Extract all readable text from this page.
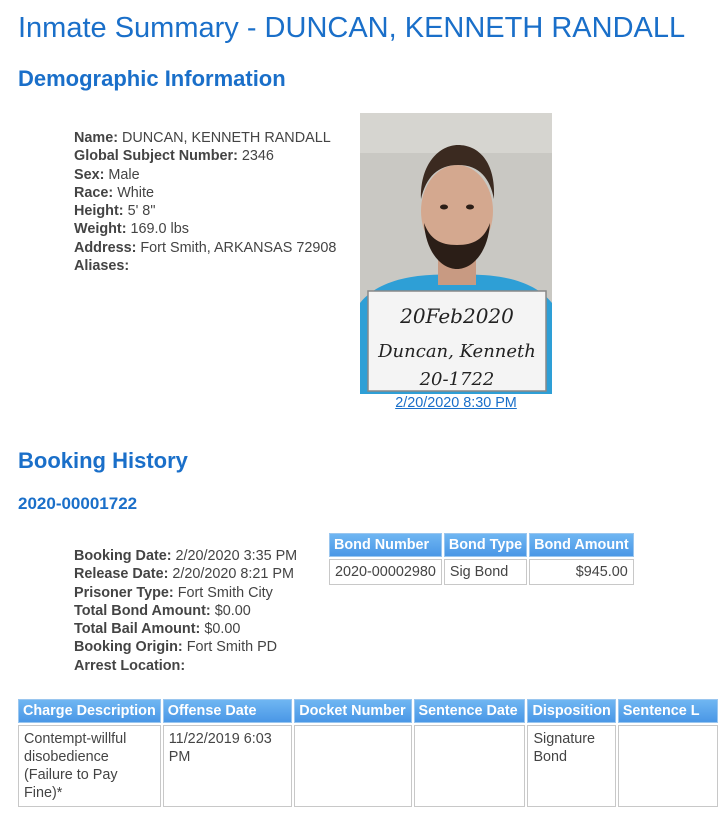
Inmate Summary - DUNCAN, KENNETH RANDALL
Demographic Information
Name: DUNCAN, KENNETH RANDALL
Global Subject Number: 2346
Sex: Male
Race: White
Height: 5' 8"
Weight: 169.0 lbs
Address: Fort Smith, ARKANSAS 72908
Aliases:
20Feb2020
Duncan, Kenneth
20-1722
2/20/2020 8:30 PM
Booking History
2020-00001722
Booking Date: 2/20/2020 3:35 PM
Release Date: 2/20/2020 8:21 PM
Prisoner Type: Fort Smith City
Total Bond Amount: $0.00
Total Bail Amount: $0.00
Booking Origin: Fort Smith PD
Arrest Location:
Bond Number	Bond Type	Bond Amount
2020-00002980	Sig Bond	$945.00
Charge Description	Offense Date	Docket Number	Sentence Date	Disposition	Sentence L
Contempt-willful disobedience (Failure to Pay Fine)*	11/22/2019 6:03 PM			Signature Bond	
